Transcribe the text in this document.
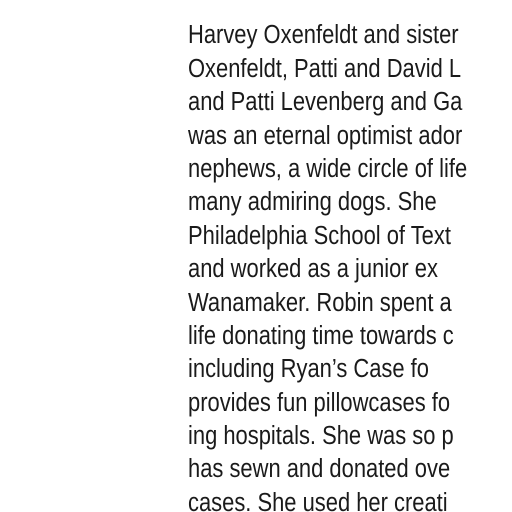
Harvey Oxenfeldt and sister
Oxenfeldt, Patti and David L
and Patti Levenberg and Ga
was an eternal optimist ador
nephews, a wide circle of life
many admiring dogs. She
Philadelphia School of Text
and worked as a junior ex
Wanamaker. Robin spent a
life donating time towards c
including Ryan’s Case fo
provides fun pillowcases fo
ing hospitals. She was so p
has sewn and donated ove
cases. She used her creati
